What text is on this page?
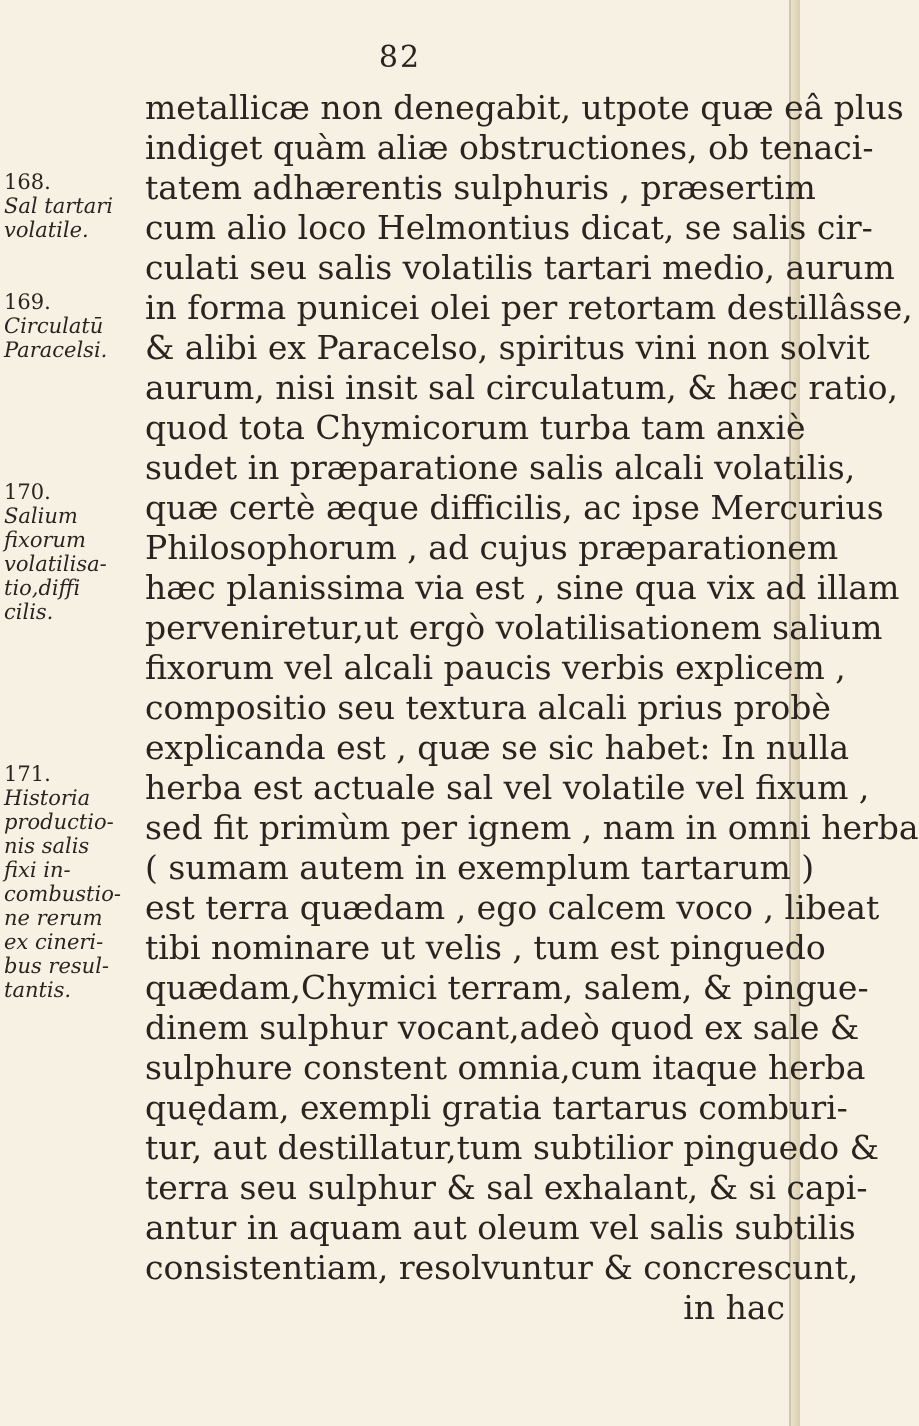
82
metallicæ non denegabit, utpote quæ eâ plus
indiget quàm aliæ obstructiones, ob tenaci-
tatem adhærentis sulphuris , præsertim
cum alio loco Helmontius dicat, se salis cir-
culati seu salis volatilis tartari medio, aurum
in forma punicei olei per retortam destillâsse,
& alibi ex Paracelso, spiritus vini non solvit
aurum, nisi insit sal circulatum, & hæc ratio,
quod tota Chymicorum turba tam anxiè
sudet in præparatione salis alcali volatilis,
quæ certè æque difficilis, ac ipse Mercurius
Philosophorum , ad cujus præparationem
hæc planissima via est , sine qua vix ad illam
perveniretur,ut ergò volatilisationem salium
fixorum vel alcali paucis verbis explicem ,
compositio seu textura alcali prius probè
explicanda est , quæ se sic habet: In nulla
herba est actuale sal vel volatile vel fixum ,
sed fit primùm per ignem , nam in omni herba
( sumam autem in exemplum tartarum )
est terra quædam , ego calcem voco , libeat
tibi nominare ut velis , tum est pinguedo
quædam,Chymici terram, salem, & pingue-
dinem sulphur vocant,adeò quod ex sale &
sulphure constent omnia,cum itaque herba
quędam, exempli gratia tartarus comburi-
tur, aut destillatur,tum subtilior pinguedo &
terra seu sulphur & sal exhalant, & si capi-
antur in aquam aut oleum vel salis subtilis
consistentiam, resolvuntur & concrescunt,
in hac
168.
Sal tartari
volatile.
169.
Circulatū
Paracelsi.
170.
Salium
fixorum
volatilisa-
tio,diffi
cilis.
171.
Historia
productio-
nis salis
fixi in-
combustio-
ne rerum
ex cineri-
bus resul-
tantis.
